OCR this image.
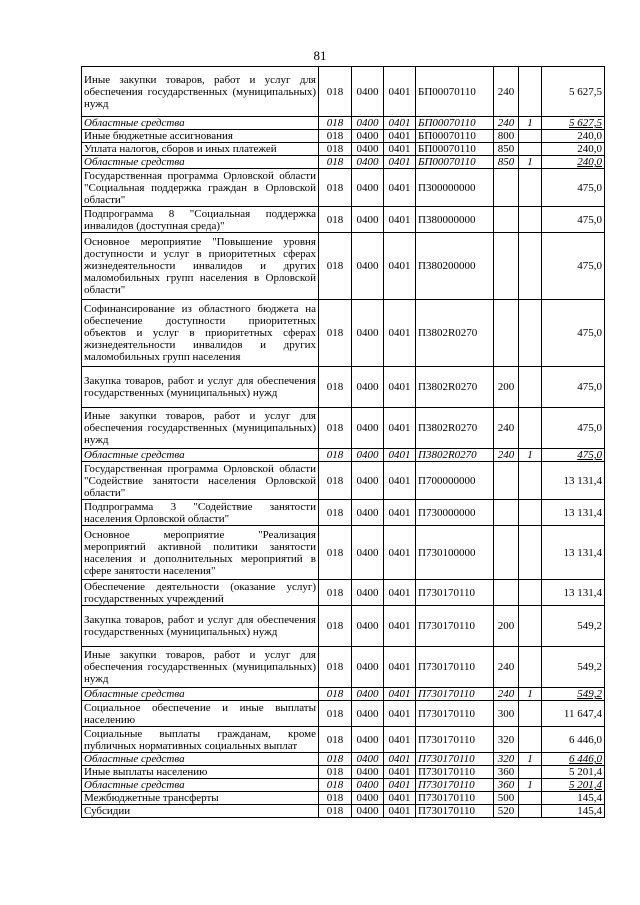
81
Иные закупки товаров, работ и услуг для обеспечения государственных (муниципальных) нужд	018	0400	0401	БП00070110	240		5 627,5
Областные средства	018	0400	0401	БП00070110	240	1	5 627,5
Иные бюджетные ассигнования	018	0400	0401	БП00070110	800		240,0
Уплата налогов, сборов и иных платежей	018	0400	0401	БП00070110	850		240,0
Областные средства	018	0400	0401	БП00070110	850	1	240,0
Государственная программа Орловской области "Социальная поддержка граждан в Орловской области"	018	0400	0401	П300000000			475,0
Подпрограмма 8 "Социальная поддержка инвалидов (доступная среда)"	018	0400	0401	П380000000			475,0
Основное мероприятие "Повышение уровня доступности и услуг в приоритетных сферах жизнедеятельности инвалидов и других маломобильных групп населения в Орловской области"	018	0400	0401	П380200000			475,0
Софинансирование из областного бюджета на обеспечение доступности приоритетных объектов и услуг в приоритетных сферах жизнедеятельности инвалидов и других маломобильных групп населения	018	0400	0401	П3802R0270			475,0
Закупка товаров, работ и услуг для обеспечения государственных (муниципальных) нужд	018	0400	0401	П3802R0270	200		475,0
Иные закупки товаров, работ и услуг для обеспечения государственных (муниципальных) нужд	018	0400	0401	П3802R0270	240		475,0
Областные средства	018	0400	0401	П3802R0270	240	1	475,0
Государственная программа Орловской области "Содействие занятости населения Орловской области"	018	0400	0401	П700000000			13 131,4
Подпрограмма 3 "Содействие занятости населения Орловской области"	018	0400	0401	П730000000			13 131,4
Основное мероприятие "Реализация мероприятий активной политики занятости населения и дополнительных мероприятий в сфере занятости населения"	018	0400	0401	П730100000			13 131,4
Обеспечение деятельности (оказание услуг) государственных учреждений	018	0400	0401	П730170110			13 131,4
Закупка товаров, работ и услуг для обеспечения государственных (муниципальных) нужд	018	0400	0401	П730170110	200		549,2
Иные закупки товаров, работ и услуг для обеспечения государственных (муниципальных) нужд	018	0400	0401	П730170110	240		549,2
Областные средства	018	0400	0401	П730170110	240	1	549,2
Социальное обеспечение и иные выплаты населению	018	0400	0401	П730170110	300		11 647,4
Социальные выплаты гражданам, кроме публичных нормативных социальных выплат	018	0400	0401	П730170110	320		6 446,0
Областные средства	018	0400	0401	П730170110	320	1	6 446,0
Иные выплаты населению	018	0400	0401	П730170110	360		5 201,4
Областные средства	018	0400	0401	П730170110	360	1	5 201,4
Межбюджетные трансферты	018	0400	0401	П730170110	500		145,4
Субсидии	018	0400	0401	П730170110	520		145,4
